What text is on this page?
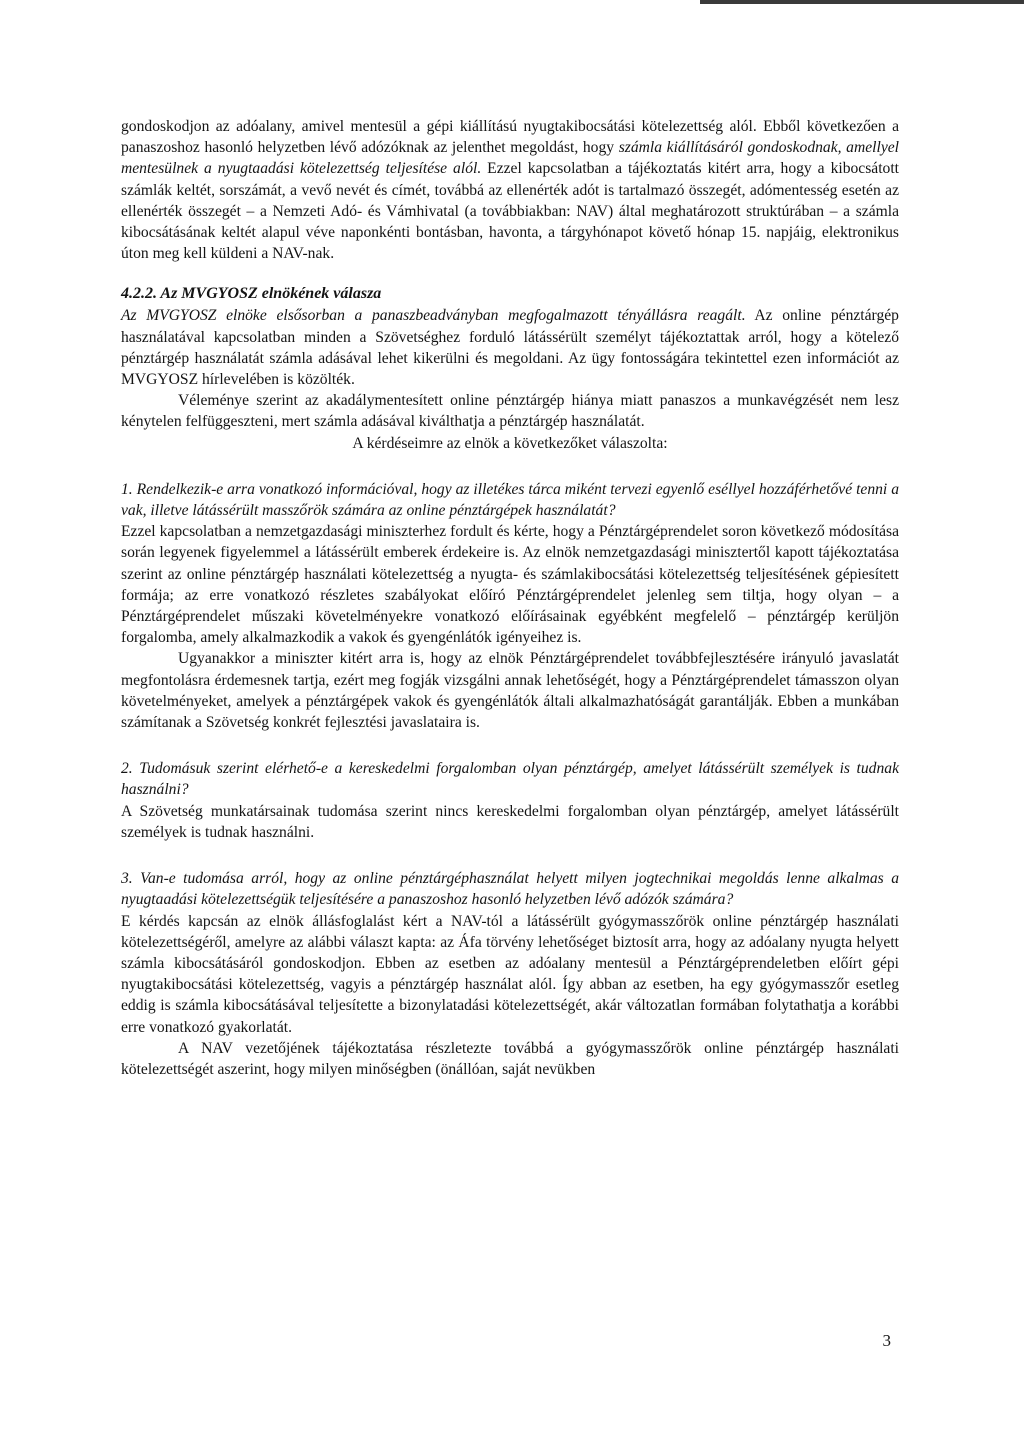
gondoskodjon az adóalany, amivel mentesül a gépi kiállítású nyugtakibocsátási kötelezettség alól. Ebből következően a panaszoshoz hasonló helyzetben lévő adózóknak az jelenthet megoldást, hogy számla kiállításáról gondoskodnak, amellyel mentesülnek a nyugtaadási kötelezettség teljesítése alól. Ezzel kapcsolatban a tájékoztatás kitért arra, hogy a kibocsátott számlák keltét, sorszámát, a vevő nevét és címét, továbbá az ellenérték adót is tartalmazó összegét, adómentesség esetén az ellenérték összegét – a Nemzeti Adó- és Vámhivatal (a továbbiakban: NAV) által meghatározott struktúrában – a számla kibocsátásának keltét alapul véve naponkénti bontásban, havonta, a tárgyhónapot követő hónap 15. napjáig, elektronikus úton meg kell küldeni a NAV-nak.

4.2.2. Az MVGYOSZ elnökének válasza

Az MVGYOSZ elnöke elsősorban a panaszbeadványban megfogalmazott tényállásra reagált. Az online pénztárgép használatával kapcsolatban minden a Szövetséghez forduló látássérült személyt tájékoztattak arról, hogy a kötelező pénztárgép használatát számla adásával lehet kikerülni és megoldani. Az ügy fontosságára tekintettel ezen információt az MVGYOSZ hírlevelében is közölték.

Véleménye szerint az akadálymentesített online pénztárgép hiánya miatt panaszos a munkavégzését nem lesz kénytelen felfüggeszteni, mert számla adásával kiválthatja a pénztárgép használatát.

A kérdéseimre az elnök a következőket válaszolta:

1. Rendelkezik-e arra vonatkozó információval, hogy az illetékes tárca miként tervezi egyenlő eséllyel hozzáférhetővé tenni a vak, illetve látássérült masszőrök számára az online pénztárgépek használatát?

Ezzel kapcsolatban a nemzetgazdasági miniszterhez fordult és kérte, hogy a Pénztárgéprendelet soron következő módosítása során legyenek figyelemmel a látássérült emberek érdekeire is. Az elnök nemzetgazdasági minisztertől kapott tájékoztatása szerint az online pénztárgép használati kötelezettség a nyugta- és számlakibocsátási kötelezettség teljesítésének gépiesített formája; az erre vonatkozó részletes szabályokat előíró Pénztárgéprendelet jelenleg sem tiltja, hogy olyan – a Pénztárgéprendelet műszaki követelményekre vonatkozó előírásainak egyébként megfelelő – pénztárgép kerüljön forgalomba, amely alkalmazkodik a vakok és gyengénlátók igényeihez is.

Ugyanakkor a miniszter kitért arra is, hogy az elnök Pénztárgéprendelet továbbfejlesztésére irányuló javaslatát megfontolásra érdemesnek tartja, ezért meg fogják vizsgálni annak lehetőségét, hogy a Pénztárgéprendelet támasszon olyan követelményeket, amelyek a pénztárgépek vakok és gyengénlátók általi alkalmazhatóságát garantálják. Ebben a munkában számítanak a Szövetség konkrét fejlesztési javaslataira is.

2. Tudomásuk szerint elérhető-e a kereskedelmi forgalomban olyan pénztárgép, amelyet látássérült személyek is tudnak használni?

A Szövetség munkatársainak tudomása szerint nincs kereskedelmi forgalomban olyan pénztárgép, amelyet látássérült személyek is tudnak használni.

3. Van-e tudomása arról, hogy az online pénztárgéphasználat helyett milyen jogtechnikai megoldás lenne alkalmas a nyugtaadási kötelezettségük teljesítésére a panaszoshoz hasonló helyzetben lévő adózók számára?

E kérdés kapcsán az elnök állásfoglalást kért a NAV-tól a látássérült gyógymasszőrök online pénztárgép használati kötelezettségéről, amelyre az alábbi választ kapta: az Áfa törvény lehetőséget biztosít arra, hogy az adóalany nyugta helyett számla kibocsátásáról gondoskodjon. Ebben az esetben az adóalany mentesül a Pénztárgéprendeletben előírt gépi nyugtakibocsátási kötelezettség, vagyis a pénztárgép használat alól. Így abban az esetben, ha egy gyógymasszőr esetleg eddig is számla kibocsátásával teljesítette a bizonylatadási kötelezettségét, akár változatlan formában folytathatja a korábbi erre vonatkozó gyakorlatát.

A NAV vezetőjének tájékoztatása részletezte továbbá a gyógymasszőrök online pénztárgép használati kötelezettségét aszerint, hogy milyen minőségben (önállóan, saját nevükben

3
